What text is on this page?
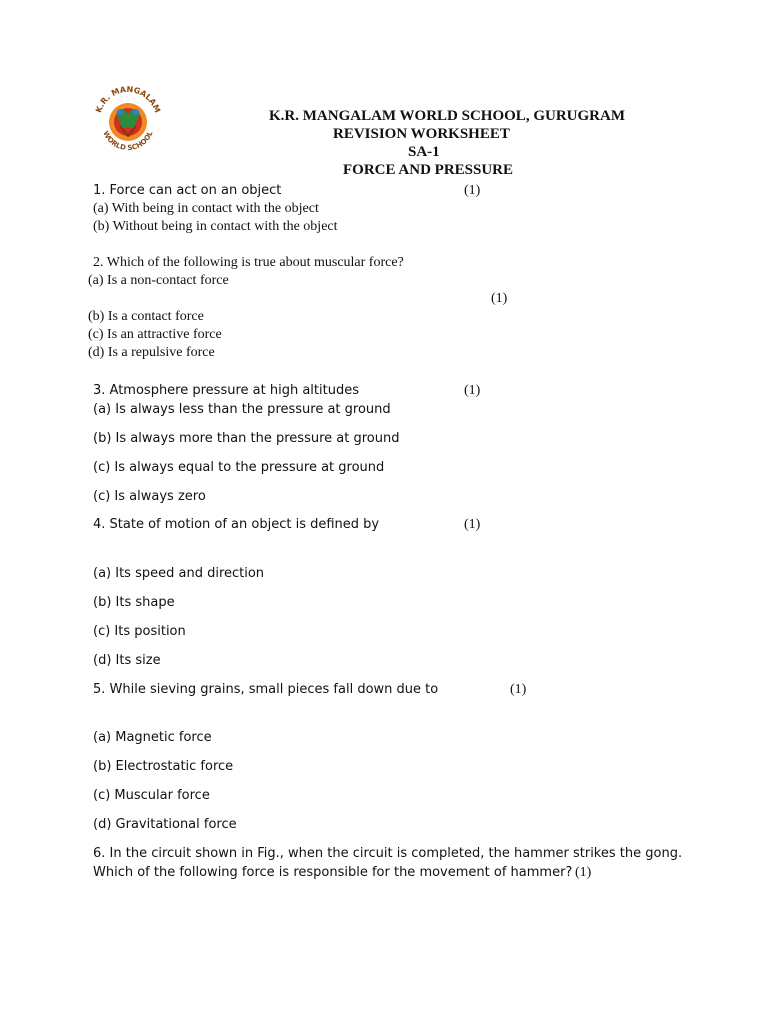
K.R. MANGALAM
WORLD SCHOOL
K.R. MANGALAM WORLD SCHOOL, GURUGRAM
REVISION WORKSHEET
SA-1
FORCE AND PRESSURE
1. Force can act on an object	(1)
(a) With being in contact with the object
(b) Without being in contact with the object
2. Which of the following is true about muscular force?
(a) Is a non-contact force
(1)
(b) Is a contact force
(c) Is an attractive force
(d) Is a repulsive force
3. Atmosphere pressure at high altitudes	(1)
(a) Is always less than the pressure at ground
(b) Is always more than the pressure at ground
(c) Is always equal to the pressure at ground
(c) Is always zero
4. State of motion of an object is defined by	(1)
(a) Its speed and direction
(b) Its shape
(c) Its position
(d) Its size
5. While sieving grains, small pieces fall down due to	(1)
(a) Magnetic force
(b) Electrostatic force
(c) Muscular force
(d) Gravitational force
6. In the circuit shown in Fig., when the circuit is completed, the hammer strikes the gong.
Which of the following force is responsible for the movement of hammer? (1)
